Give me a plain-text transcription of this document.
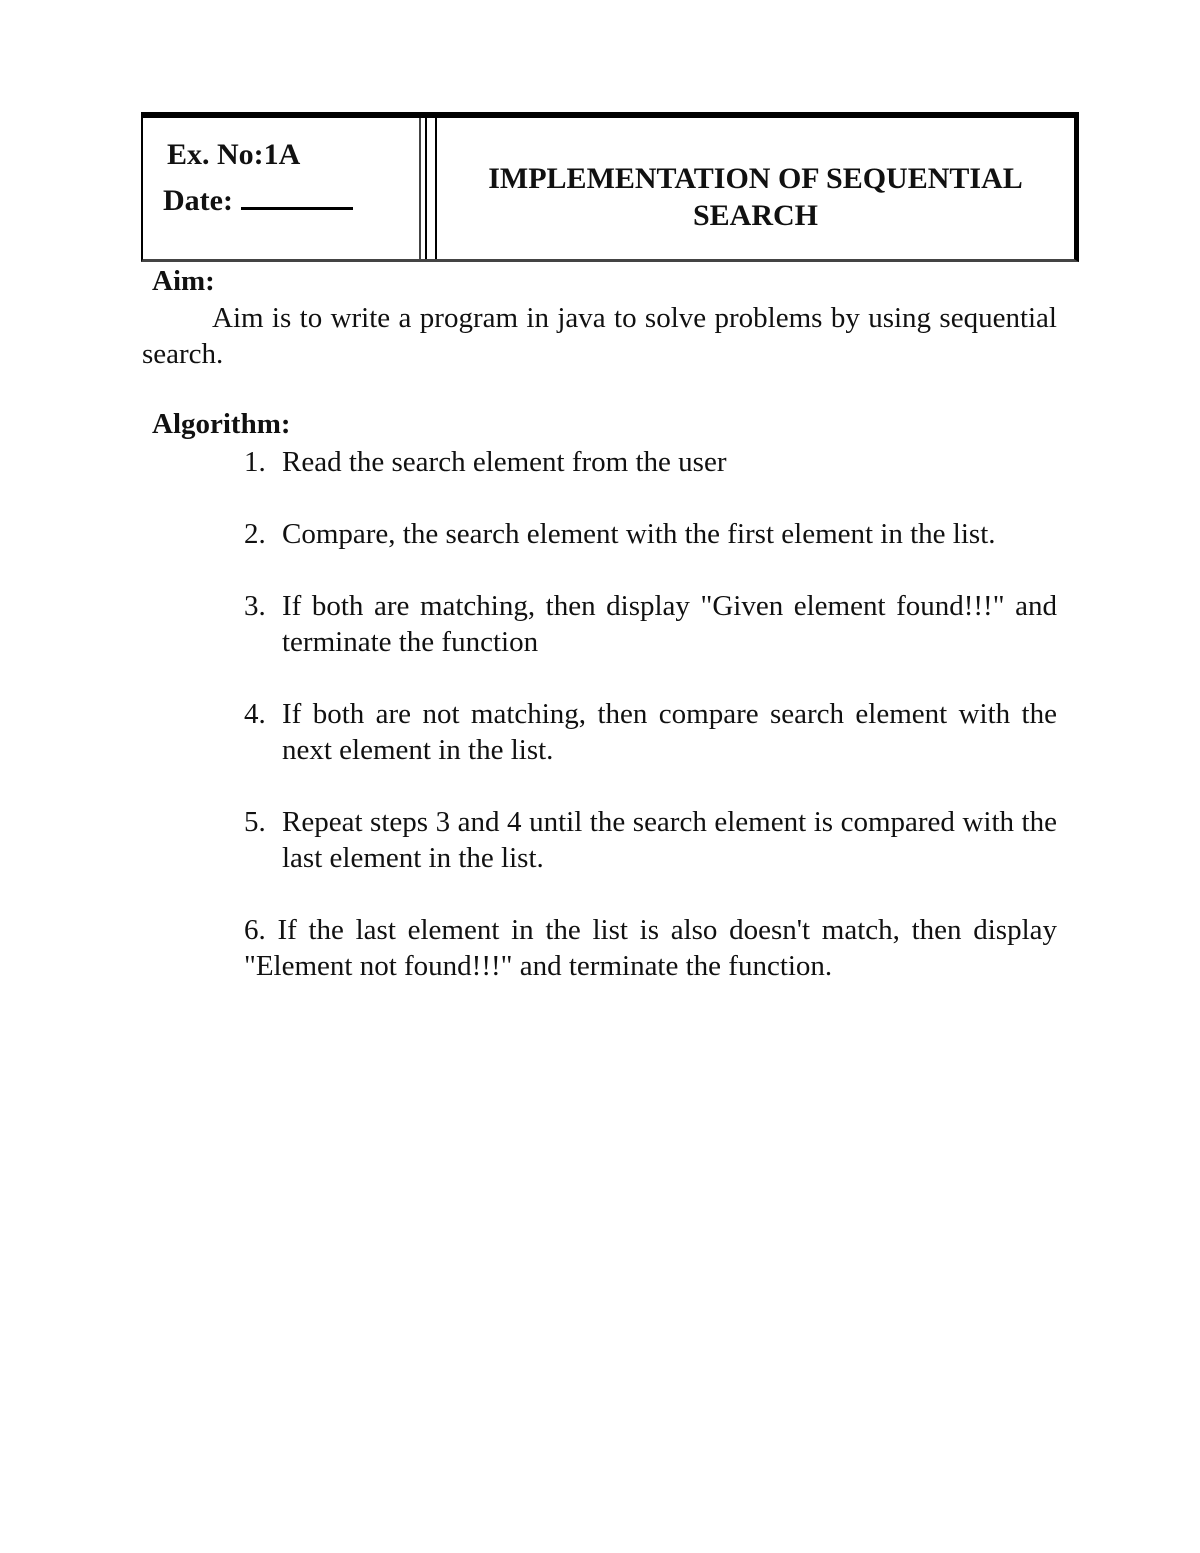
Ex. No:1A
Date:
IMPLEMENTATION OF SEQUENTIAL SEARCH
Aim:
Aim is to write a program in java to solve problems by using sequential search.
Algorithm:
1. Read the search element from the user
2. Compare, the search element with the first element in the list.
3. If both are matching, then display "Given element found!!!" and terminate the function
4. If both are not matching, then compare search element with the next element in the list.
5. Repeat steps 3 and 4 until the search element is compared with the last element in the list.
6. If the last element in the list is also doesn't match, then display "Element not found!!!" and terminate the function.
